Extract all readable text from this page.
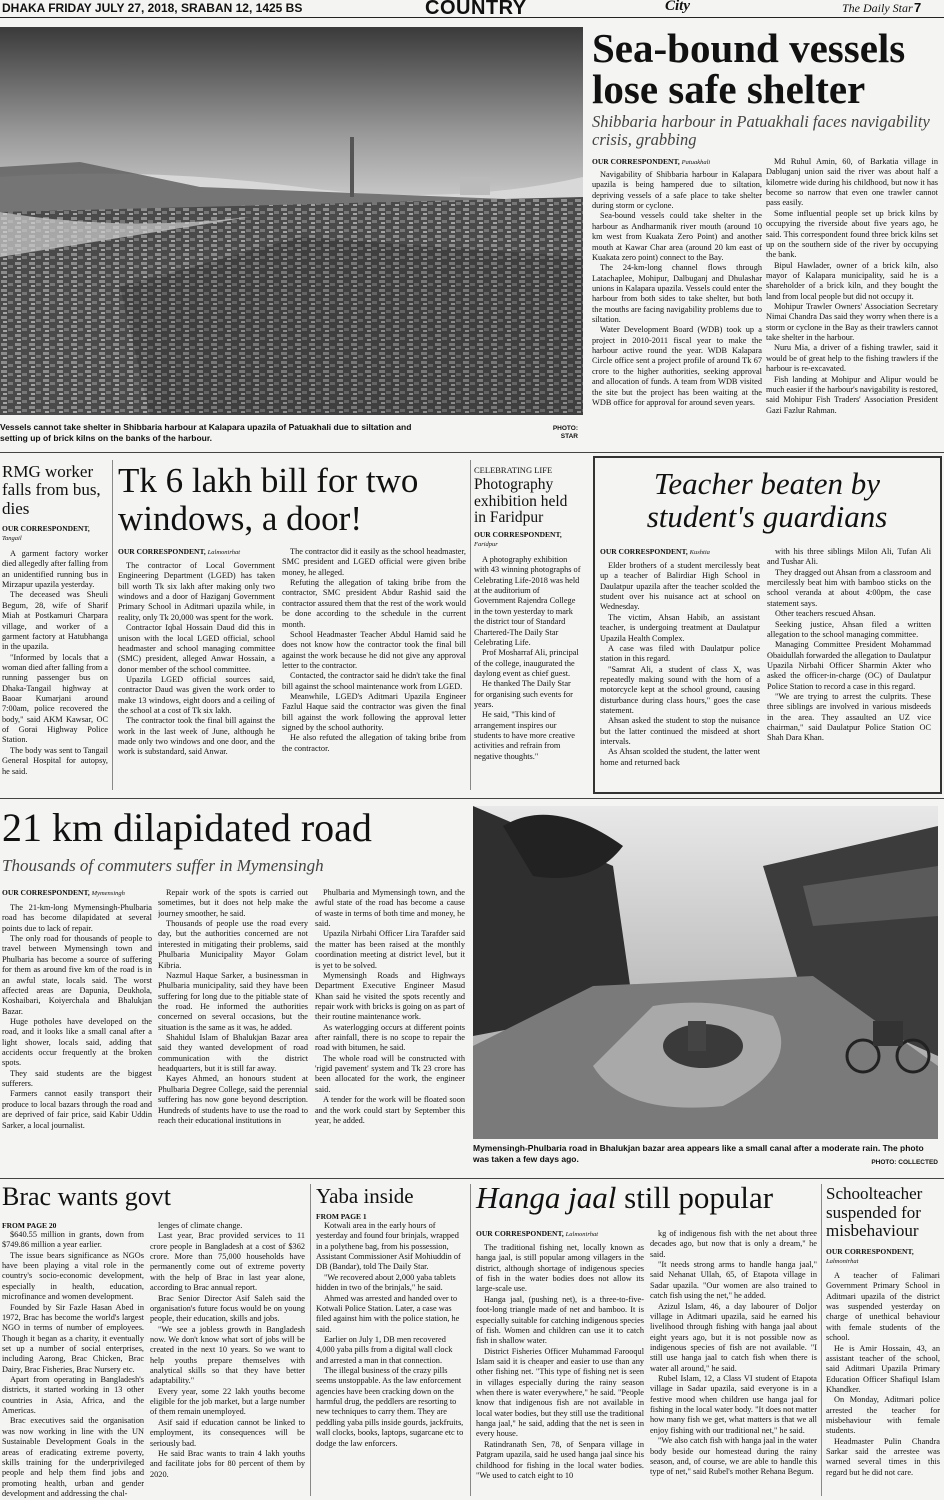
DHAKA FRIDAY JULY 27, 2018, SRABAN 12, 1425 BS	COUNTRY	City	The Daily Star 7
Vessels cannot take shelter in Shibbaria harbour at Kalapara upazila of Patuakhali due to siltation and setting up of brick kilns on the banks of the harbour.
PHOTO: STAR
Sea-bound vessels lose safe shelter
Shibbaria harbour in Patuakhali faces navigability crisis, grabbing
OUR CORRESPONDENT, Patuakhali

Navigability of Shibbaria harbour in Kalapara upazila is being hampered due to siltation, depriving vessels of a safe place to take shelter during storm or cyclone.

Sea-bound vessels could take shelter in the harbour as Andharmanik river mouth (around 10 km west from Kuakata Zero Point) and another mouth at Kawar Char area (around 20 km east of Kuakata zero point) connect to the Bay.

The 24-km-long channel flows through Latachaplee, Mohipur, Dalbuganj and Dhulashar unions in Kalapara upazila. Vessels could enter the harbour from both sides to take shelter, but both the mouths are facing navigability problems due to siltation.

Water Development Board (WDB) took up a project in 2010-2011 fiscal year to make the harbour active round the year. WDB Kalapara Circle office sent a project profile of around Tk 67 crore to the higher authorities, seeking approval and allocation of funds. A team from WDB visited the site but the project has been waiting at the WDB office for approval for around seven years.

Md Ruhul Amin, 60, of Barkatia village in Dabluganj union said the river was about half a kilometre wide during his childhood, but now it has become so narrow that even one trawler cannot pass easily.

Some influential people set up brick kilns by occupying the riverside about five years ago, he said. This correspondent found three brick kilns set up on the southern side of the river by occupying the bank.

Bipul Hawlader, owner of a brick kiln, also mayor of Kalapara municipality, said he is a shareholder of a brick kiln, and they bought the land from local people but did not occupy it.

Mohipur Trawler Owners' Association Secretary Nimai Chandra Das said they worry when there is a storm or cyclone in the Bay as their trawlers cannot take shelter in the harbour.

Nuru Mia, a driver of a fishing trawler, said it would be of great help to the fishing trawlers if the harbour is re-excavated.

Fish landing at Mohipur and Alipur would be much easier if the harbour's navigability is restored, said Mohipur Fish Traders' Association President Gazi Fazlur Rahman.

RMG worker falls from bus, dies
OUR CORRESPONDENT, Tangail

A garment factory worker died allegedly after falling from an unidentified running bus in Mirzapur upazila yesterday.

The deceased was Sheuli Begum, 28, wife of Sharif Miah at Postkamuri Charpara village, and worker of a garment factory at Hatubhanga in the upazila.

"Informed by locals that a woman died after falling from a running passenger bus on Dhaka-Tangail highway at Baoar Kumarjani around 7:00am, police recovered the body," said AKM Kawsar, OC of Gorai Highway Police Station.

The body was sent to Tangail General Hospital for autopsy, he said.

Tk 6 lakh bill for two windows, a door!
OUR CORRESPONDENT, Lalmonirhat

The contractor of Local Government Engineering Department (LGED) has taken bill worth Tk six lakh after making only two windows and a door of Haziganj Government Primary School in Aditmari upazila while, in reality, only Tk 20,000 was spent for the work.

Contractor Iqbal Hossain Daud did this in unison with the local LGED official, school headmaster and school managing committee (SMC) president, alleged Anwar Hossain, a donor member of the school committee.

Upazila LGED official sources said, contractor Daud was given the work order to make 13 windows, eight doors and a ceiling of the school at a cost of Tk six lakh.

The contractor took the final bill against the work in the last week of June, although he made only two windows and one door, and the work is substandard, said Anwar.

The contractor did it easily as the school headmaster, SMC president and LGED official were given bribe money, he alleged.

Refuting the allegation of taking bribe from the contractor, SMC president Abdur Rashid said the contractor assured them that the rest of the work would be done according to the schedule in the current month.

School Headmaster Teacher Abdul Hamid said he does not know how the contractor took the final bill against the work because he did not give any approval letter to the contractor.

Contacted, the contractor said he didn't take the final bill against the school maintenance work from LGED.

Meanwhile, LGED's Aditmari Upazila Engineer Fazlul Haque said the contractor was given the final bill against the work following the approval letter signed by the school authority.

He also refuted the allegation of taking bribe from the contractor.

CELEBRATING LIFE
Photography exhibition held in Faridpur
OUR CORRESPONDENT, Faridpur

A photography exhibition with 43 winning photographs of Celebrating Life-2018 was held at the auditorium of Government Rajendra College in the town yesterday to mark the district tour of Standard Chartered-The Daily Star Celebrating Life.

Prof Mosharraf Ali, principal of the college, inaugurated the daylong event as chief guest.

He thanked The Daily Star for organising such events for years.

He said, "This kind of arrangement inspires our students to have more creative activities and refrain from negative thoughts."

Teacher beaten by student's guardians
OUR CORRESPONDENT, Kushtia

Elder brothers of a student mercilessly beat up a teacher of Balirdiar High School in Daulatpur upazila after the teacher scolded the student over his nuisance act at school on Wednesday.

The victim, Ahsan Habib, an assistant teacher, is undergoing treatment at Daulatpur Upazila Health Complex.

A case was filed with Daulatpur police station in this regard.

"Samrat Ali, a student of class X, was repeatedly making sound with the horn of a motorcycle kept at the school ground, causing disturbance during class hours," goes the case statement.

Ahsan asked the student to stop the nuisance but the latter continued the misdeed at short intervals.

As Ahsan scolded the student, the latter went home and returned back

with his three siblings Milon Ali, Tufan Ali and Tushar Ali.

They dragged out Ahsan from a classroom and mercilessly beat him with bamboo sticks on the school veranda at about 4:00pm, the case statement says.

Other teachers rescued Ahsan.

Seeking justice, Ahsan filed a written allegation to the school managing committee.

Managing Committee President Mohammad Obaidullah forwarded the allegation to Daulatpur Upazila Nirbahi Officer Sharmin Akter who asked the officer-in-charge (OC) of Daulatpur Police Station to record a case in this regard.

"We are trying to arrest the culprits. These three siblings are involved in various misdeeds in the area. They assaulted an UZ vice chairman," said Daulatpur Police Station OC Shah Dara Khan.

21 km dilapidated road
Thousands of commuters suffer in Mymensingh
OUR CORRESPONDENT, Mymensingh

The 21-km-long Mymensingh-Phulbaria road has become dilapidated at several points due to lack of repair.

The only road for thousands of people to travel between Mymensingh town and Phulbaria has become a source of suffering for them as around five km of the road is in an awful state, locals said. The worst affected areas are Dapunia, Deukhola, Koshaibari, Koiyerchala and Bhalukjan Bazar.

Huge potholes have developed on the road, and it looks like a small canal after a light shower, locals said, adding that accidents occur frequently at the broken spots.

They said students are the biggest sufferers.

Farmers cannot easily transport their produce to local bazars through the road and are deprived of fair price, said Kabir Uddin Sarker, a local journalist.

Repair work of the spots is carried out sometimes, but it does not help make the journey smoother, he said.

Thousands of people use the road every day, but the authorities concerned are not interested in mitigating their problems, said Phulbaria Municipality Mayor Golam Kibria.

Nazmul Haque Sarker, a businessman in Phulbaria municipality, said they have been suffering for long due to the pitiable state of the road. He informed the authorities concerned on several occasions, but the situation is the same as it was, he added.

Shahidul Islam of Bhalukjan Bazar area said they wanted development of road communication with the district headquarters, but it is still far away.

Kayes Ahmed, an honours student at Phulbaria Degree College, said the perennial suffering has now gone beyond description. Hundreds of students have to use the road to reach their educational institutions in

Phulbaria and Mymensingh town, and the awful state of the road has become a cause of waste in terms of both time and money, he said.

Upazila Nirbahi Officer Lira Tarafder said the matter has been raised at the monthly coordination meeting at district level, but it is yet to be solved.

Mymensingh Roads and Highways Department Executive Engineer Masud Khan said he visited the spots recently and repair work with bricks is going on as part of their routine maintenance work.

As waterlogging occurs at different points after rainfall, there is no scope to repair the road with bitumen, he said.

The whole road will be constructed with 'rigid pavement' system and Tk 23 crore has been allocated for the work, the engineer said.

A tender for the work will be floated soon and the work could start by September this year, he added.

Mymensingh-Phulbaria road in Bhalukjan bazar area appears like a small canal after a moderate rain. The photo was taken a few days ago.	PHOTO: COLLECTED
Brac wants govt
FROM PAGE 20

$640.55 million in grants, down from $749.86 million a year earlier.

The issue bears significance as NGOs have been playing a vital role in the country's socio-economic development, especially in health, education, microfinance and women development.

Founded by Sir Fazle Hasan Abed in 1972, Brac has become the world's largest NGO in terms of number of employees. Though it began as a charity, it eventually set up a number of social enterprises, including Aarong, Brac Chicken, Brac Dairy, Brac Fisheries, Brac Nursery etc.

Apart from operating in Bangladesh's districts, it started working in 13 other countries in Asia, Africa, and the Americas.

Brac executives said the organisation was now working in line with the UN Sustainable Development Goals in the areas of eradicating extreme poverty, skills training for the underprivileged people and help them find jobs and promoting health, urban and gender development and addressing the chal-

lenges of climate change.

Last year, Brac provided services to 11 crore people in Bangladesh at a cost of $362 crore. More than 75,000 households have permanently come out of extreme poverty with the help of Brac in last year alone, according to Brac annual report.

Brac Senior Director Asif Saleh said the organisation's future focus would be on young people, their education, skills and jobs.

"We see a jobless growth in Bangladesh now. We don't know what sort of jobs will be created in the next 10 years. So we want to help youths prepare themselves with analytical skills so that they have better adaptability."

Every year, some 22 lakh youths become eligible for the job market, but a large number of them remain unemployed.

Asif said if education cannot be linked to employment, its consequences will be seriously bad.

He said Brac wants to train 4 lakh youths and facilitate jobs for 80 percent of them by 2020.

Yaba inside
FROM PAGE 1

Kotwali area in the early hours of yesterday and found four brinjals, wrapped in a polythene bag, from his possession, Assistant Commissioner Asif Mohiuddin of DB (Bandar), told The Daily Star.

"We recovered about 2,000 yaba tablets hidden in two of the brinjals," he said.

Ahmed was arrested and handed over to Kotwali Police Station. Later, a case was filed against him with the police station, he said.

Earlier on July 1, DB men recovered 4,000 yaba pills from a digital wall clock and arrested a man in that connection.

The illegal business of the crazy pills seems unstoppable. As the law enforcement agencies have been cracking down on the harmful drug, the peddlers are resorting to new techniques to carry them. They are peddling yaba pills inside gourds, jackfruits, wall clocks, books, laptops, sugarcane etc to dodge the law enforcers.

Hanga jaal still popular
OUR CORRESPONDENT, Lalmonirhat

The traditional fishing net, locally known as hanga jaal, is still popular among villagers in the district, although shortage of indigenous species of fish in the water bodies does not allow its large-scale use.

Hanga jaal, (pushing net), is a three-to-five-foot-long triangle made of net and bamboo. It is especially suitable for catching indigenous species of fish. Women and children can use it to catch fish in shallow water.

District Fisheries Officer Muhammad Farooqul Islam said it is cheaper and easier to use than any other fishing net. "This type of fishing net is seen in villages especially during the rainy season when there is water everywhere," he said. "People know that indigenous fish are not available in local water bodies, but they still use the traditional hanga jaal," he said, adding that the net is seen in every house.

Ratindranath Sen, 78, of Senpara village in Patgram upazila, said he used hanga jaal since his childhood for fishing in the local water bodies. "We used to catch eight to 10

kg of indigenous fish with the net about three decades ago, but now that is only a dream," he said.

"It needs strong arms to handle hanga jaal," said Nehanat Ullah, 65, of Etapota village in Sadar upazila. "Our women are also trained to catch fish using the net," he added.

Azizul Islam, 46, a day labourer of Doljor village in Aditmari upazila, said he earned his livelihood through fishing with hanga jaal about eight years ago, but it is not possible now as indigenous species of fish are not available. "I still use hanga jaal to catch fish when there is water all around," he said.

Rubel Islam, 12, a Class VI student of Etapota village in Sadar upazila, said everyone is in a festive mood when children use hanga jaal for fishing in the local water body. "It does not matter how many fish we get, what matters is that we all enjoy fishing with our traditional net," he said.

"We also catch fish with hanga jaal in the water body beside our homestead during the rainy season, and, of course, we are able to handle this type of net," said Rubel's mother Rehana Begum.

Schoolteacher suspended for misbehaviour
OUR CORRESPONDENT, Lalmonirhat

A teacher of Falimari Government Primary School in Aditmari upazila of the district was suspended yesterday on charge of unethical behaviour with female students of the school.

He is Amir Hossain, 43, an assistant teacher of the school, said Aditmari Upazila Primary Education Officer Shafiqul Islam Khandker.

On Monday, Aditmari police arrested the teacher for misbehaviour with female students.

Headmaster Pulin Chandra Sarkar said the arrestee was warned several times in this regard but he did not care.
